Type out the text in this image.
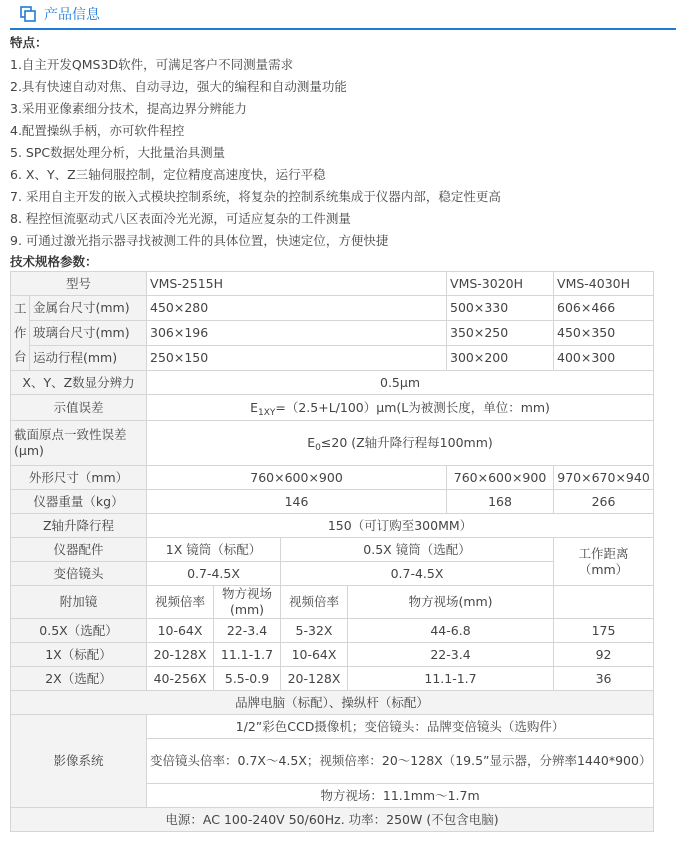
产品信息
特点：
1.自主开发QMS3D软件，可满足客户不同测量需求
2.具有快速自动对焦、自动寻边，强大的编程和自动测量功能
3.采用亚像素细分技术，提高边界分辨能力
4.配置操纵手柄，亦可软件程控
5. SPC数据处理分析，大批量治具测量
6. X、Y、Z三轴伺服控制，定位精度高速度快，运行平稳
7. 采用自主开发的嵌入式模块控制系统，将复杂的控制系统集成于仪器内部，稳定性更高
8. 程控恒流驱动式八区表面冷光光源，可适应复杂的工件测量
9. 可通过激光指示器寻找被测工件的具体位置，快速定位，方便快捷
技术规格参数：
型号		VMS-2515H				VMS-3020H	VMS-4030H
工
作
台	金属台尺寸(mm)	450×280				500×330	606×466
	玻璃台尺寸(mm)	306×196				350×250	450×350
	运动行程(mm)	250×150				300×200	400×300
X、Y、Z数显分辨力		0.5μm					
示值误差		$E_{1XY}=(2.5+L/100)\mu m(L$为被测长度，单位：mm)					
截面原点一致性误差(μm)		$E_0\le 20$ (Z轴升降行程每100mm)					
外形尺寸（mm）		760×600×900				760×600×900	970×670×940
仪器重量（kg）		146				168	266
Z轴升降行程		150（可订购至300MM）					
仪器配件		1X 镜筒（标配）		0.5X 镜筒（选配）			工作距离（mm）
变倍镜头		0.7-4.5X		0.7-4.5X			
附加镜		视频倍率	物方视场(mm)	视频倍率	物方视场(mm)		
0.5X（选配）		10-64X	22-3.4	5-32X	44-6.8		175
1X（标配）		20-128X	11.1-1.7	10-64X	22-3.4		92
2X（选配）		40-256X	5.5-0.9	20-128X	11.1-1.7		36
品牌电脑（标配）、操纵杆（标配）							
影像系统		1/2”彩色CCD摄像机；变倍镜头：品牌变倍镜头（选购件）					
		变倍镜头倍率：0.7X～4.5X；视频倍率：20～128X（19.5”显示器，分辨率1440*900）					
		物方视场：11.1mm～1.7m					
电源：AC 100-240V 50/60Hz. 功率：250W (不包含电脑)							
